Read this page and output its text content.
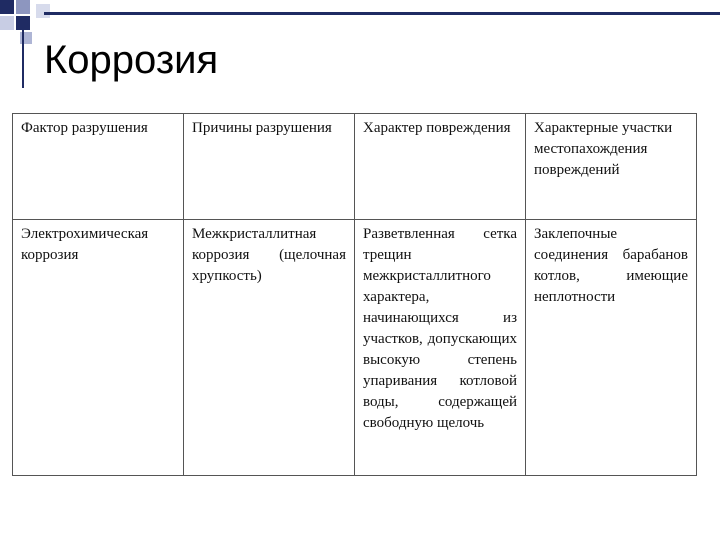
Коррозия
Фактор разрушения	Причины разрушения	Характер повреждения	Характерные участки местопахождения повреждений

Электрохимическая коррозия	Межкристаллитная коррозия (щелочная хрупкость)	Разветвленная сетка трещин межкристаллитного характера, начинающихся из участков, допускающих высокую степень упаривания котловой воды, содержащей свободную щелочь	Заклепочные соединения барабанов котлов, имеющие неплотности
